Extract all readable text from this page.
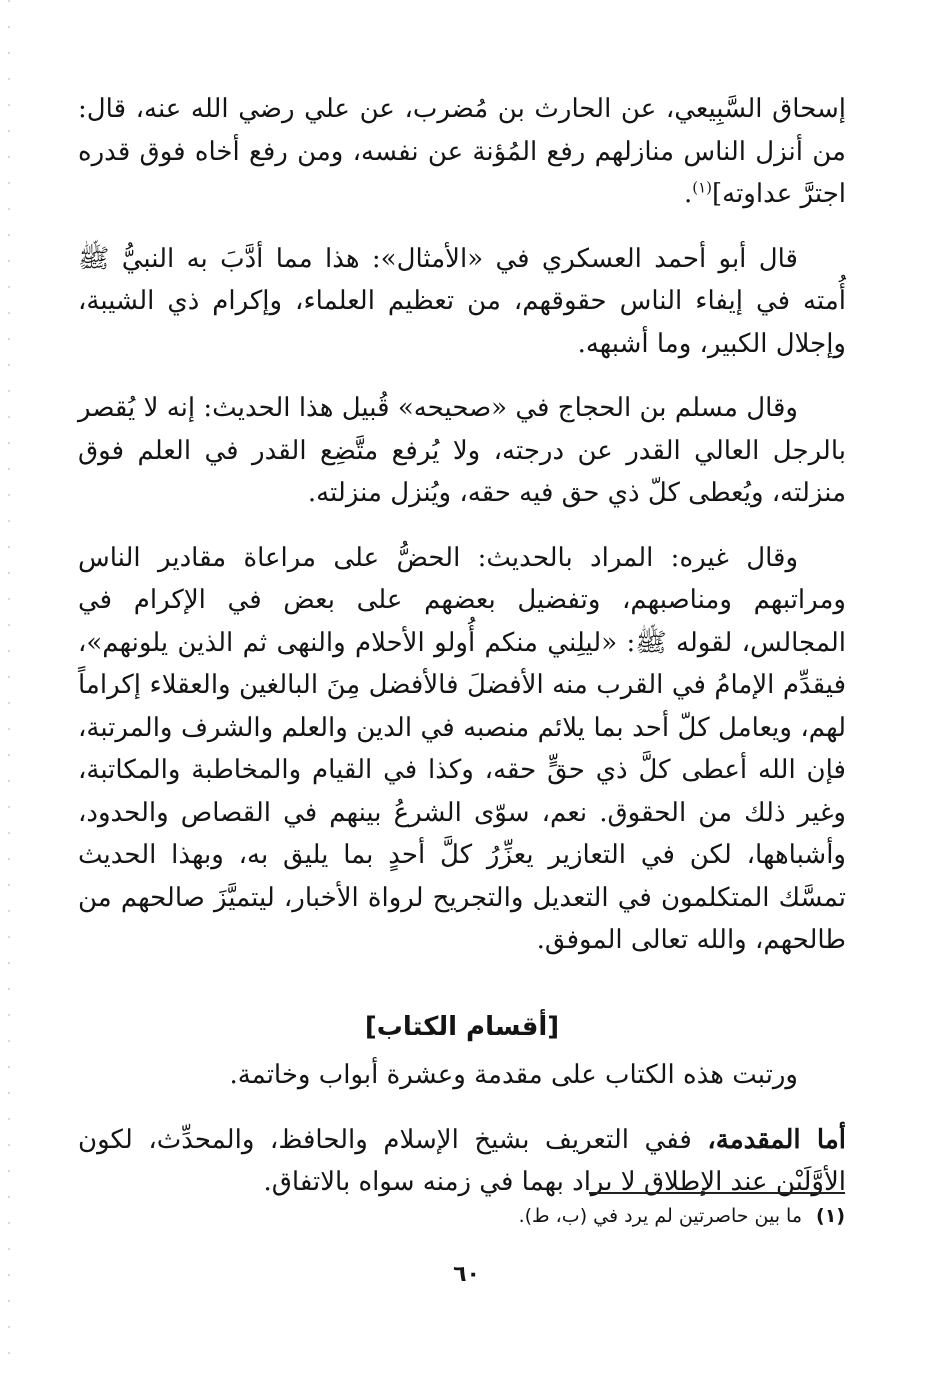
إسحاق السَّبِيعي، عن الحارث بن مُضرب، عن علي رضي الله عنه، قال: من أنزل الناس منازلهم رفع المُؤنة عن نفسه، ومن رفع أخاه فوق قدره اجترَّ عداوته]$^{(١)}$.

قال أبو أحمد العسكري في «الأمثال»: هذا مما أدَّبَ به النبيُّ ﷺ أُمته في إيفاء الناس حقوقهم، من تعظيم العلماء، وإكرام ذي الشيبة، وإجلال الكبير، وما أشبهه.

وقال مسلم بن الحجاج في «صحيحه» قُبيل هذا الحديث: إنه لا يُقصر بالرجل العالي القدر عن درجته، ولا يُرفع متَّضِع القدر في العلم فوق منزلته، ويُعطى كلّ ذي حق فيه حقه، ويُنزل منزلته.

وقال غيره: المراد بالحديث: الحضُّ على مراعاة مقادير الناس ومراتبهم ومناصبهم، وتفضيل بعضهم على بعض في الإكرام في المجالس، لقوله ﷺ: «ليلِني منكم أُولو الأحلام والنهى ثم الذين يلونهم»، فيقدِّم الإمامُ في القرب منه الأفضلَ فالأفضل مِنَ البالغين والعقلاء إكراماً لهم، ويعامل كلّ أحد بما يلائم منصبه في الدين والعلم والشرف والمرتبة، فإن الله أعطى كلَّ ذي حقٍّ حقه، وكذا في القيام والمخاطبة والمكاتبة، وغير ذلك من الحقوق. نعم، سوّى الشرعُ بينهم في القصاص والحدود، وأشباهها، لكن في التعازير يعزِّرُ كلَّ أحدٍ بما يليق به، وبهذا الحديث تمسَّك المتكلمون في التعديل والتجريح لرواة الأخبار، ليتميَّزَ صالحهم من طالحهم، والله تعالى الموفق.

[أقسام الكتاب]

ورتبت هذه الكتاب على مقدمة وعشرة أبواب وخاتمة.

أما المقدمة، ففي التعريف بشيخ الإسلام والحافظ، والمحدِّث، لكون الأوَّلَيْن عند الإطلاق لا يراد بهما في زمنه سواه بالاتفاق.

(١)ما بين حاصرتين لم يرد في (ب، ط).
٦٠
